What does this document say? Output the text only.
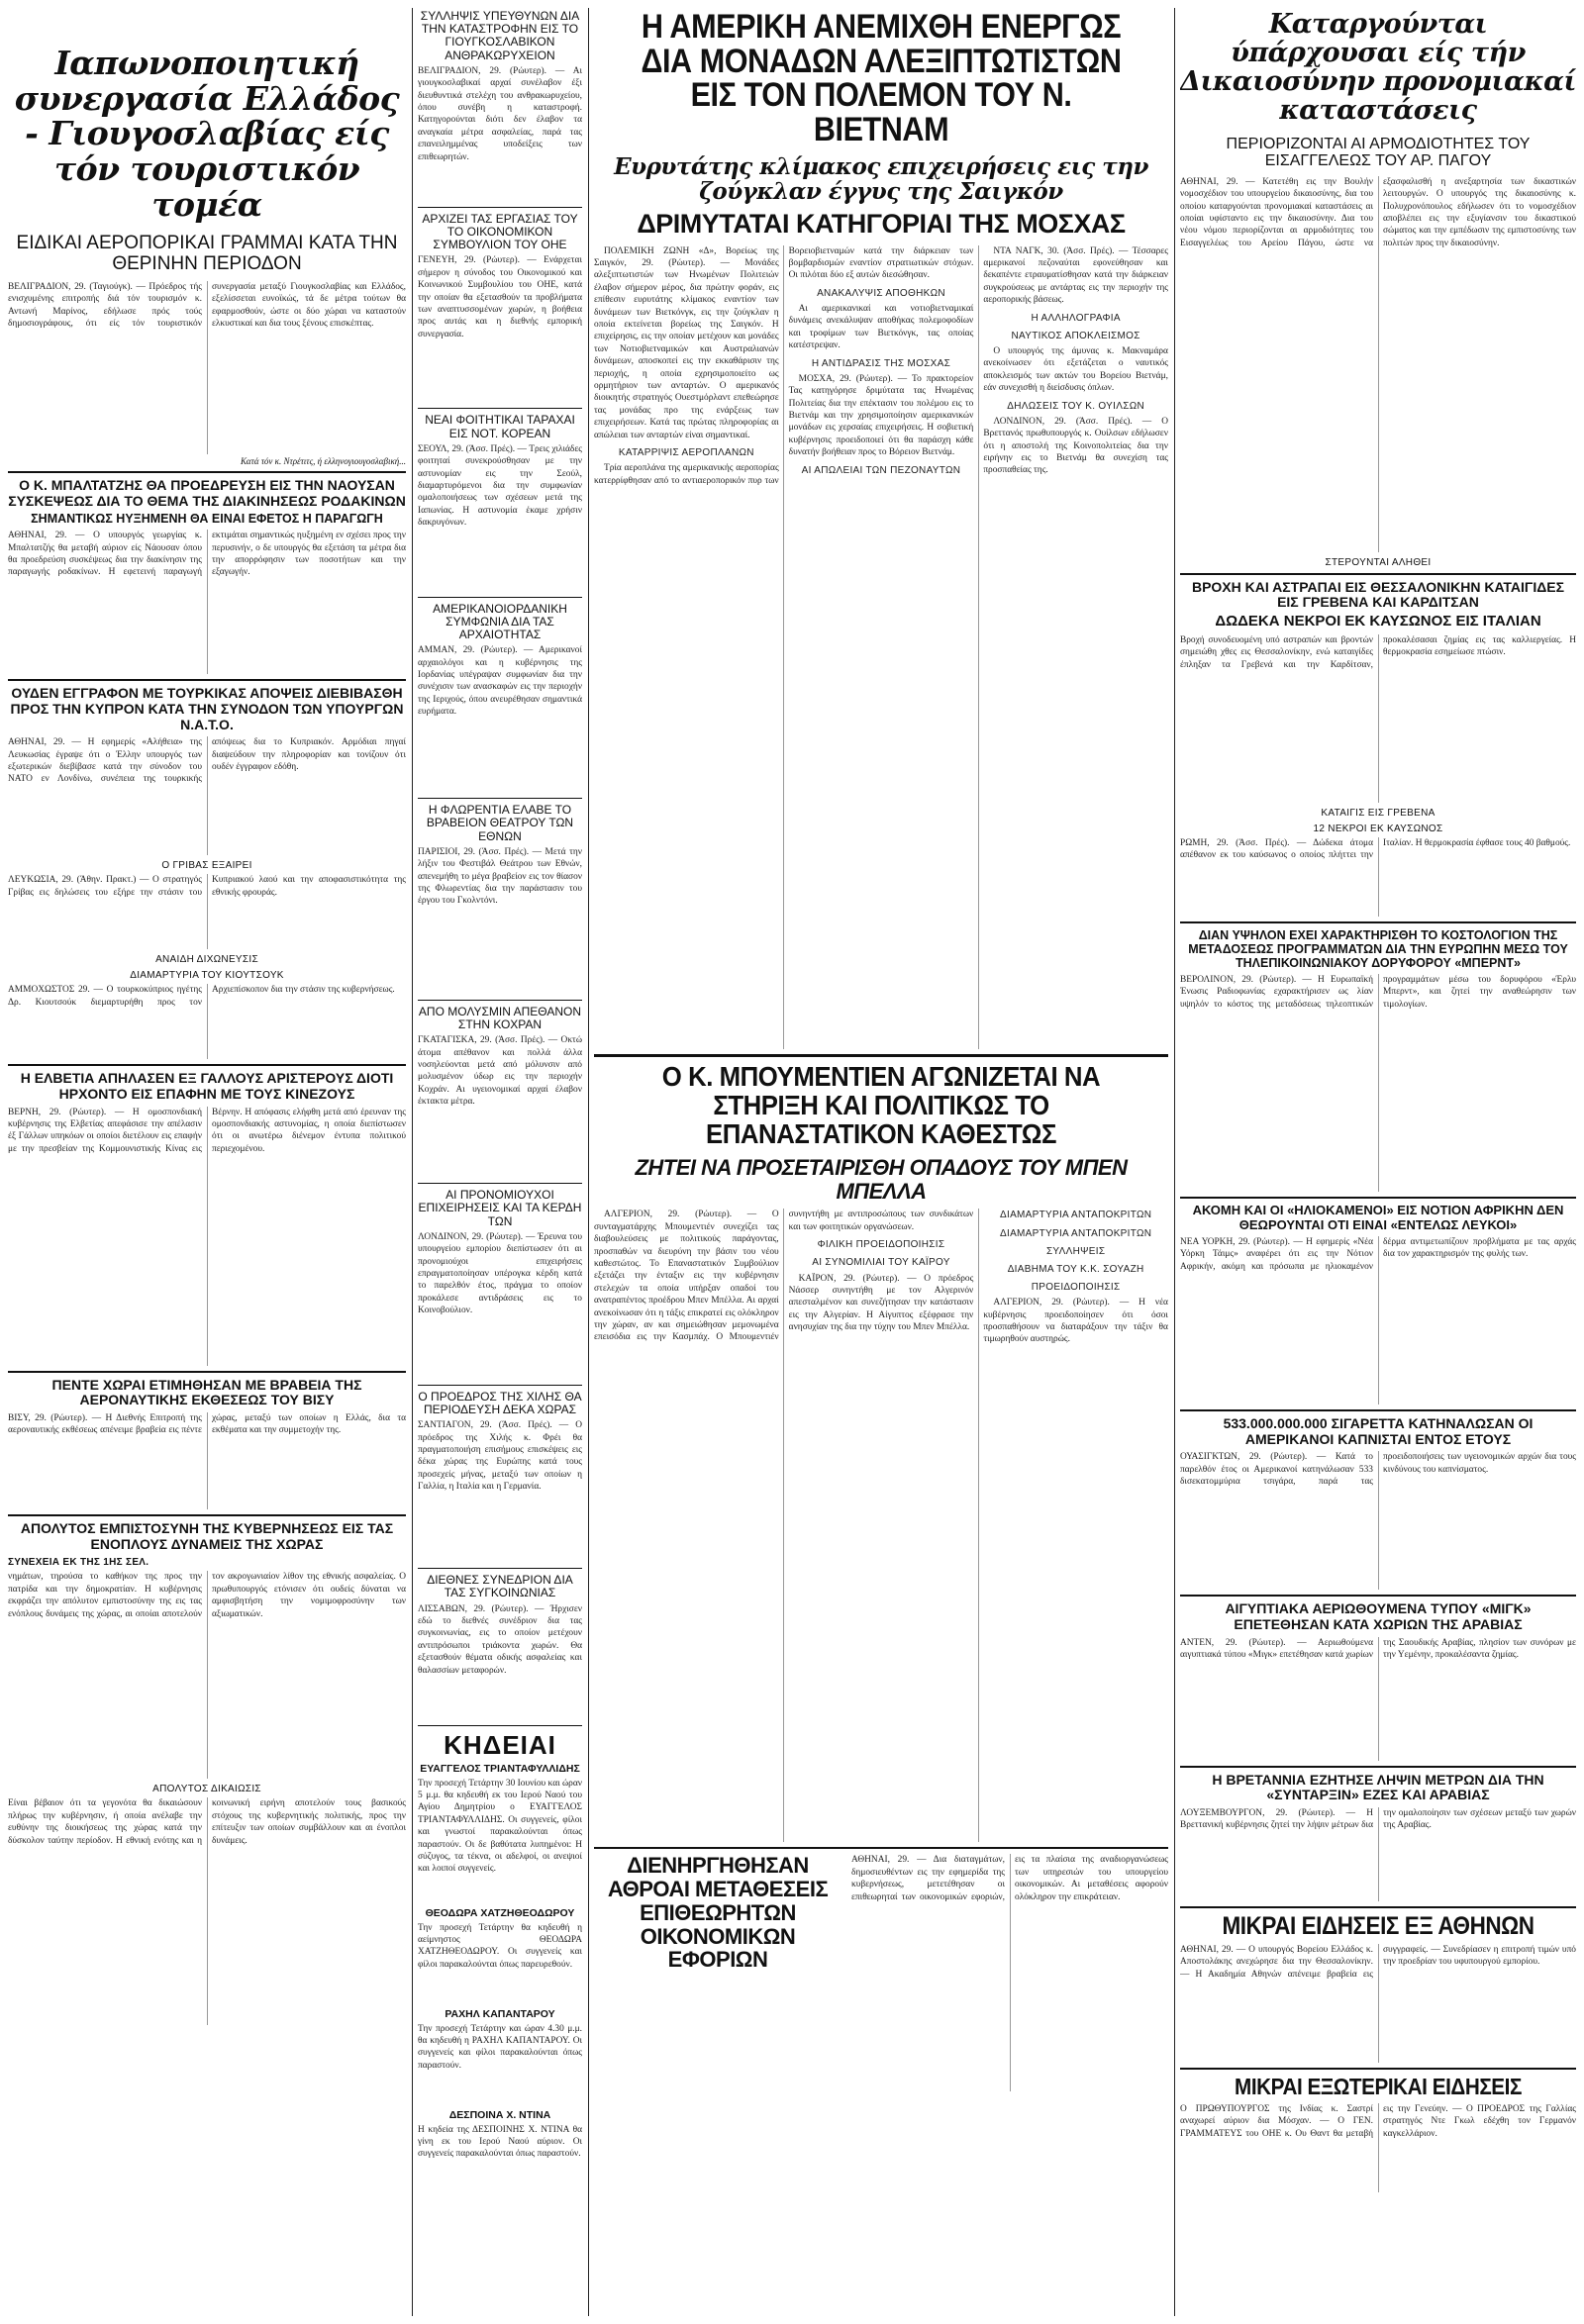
Ιαπωνοποιητική συνεργασία Ελλάδος - Γιουγοσλαβίας είς τόν τουριστικόν τομέα
ΕΙΔΙΚΑΙ ΑΕΡΟΠΟΡΙΚΑΙ ΓΡΑΜΜΑΙ ΚΑΤΑ ΤΗΝ ΘΕΡΙΝΗΝ ΠΕΡΙΟΔΟΝ
ΒΕΛΙΓΡΑΔΙΟΝ, 29. (Ταγιούγκ). — Πρόεδρος τής ενισχυμένης επιτροπής διά τόν τουρισμόν κ. Αντωνή Μαρίνος, εδήλωσε πρός τούς δημοσιογράφους, ότι είς τόν τουριστικόν συνεργασία μεταξύ Γιουγκοσλαβίας και Ελλάδος, εξελίσσεται ευνοϊκώς, τά δε μέτρα τούτων θα εφαρμοσθούν, ώστε οι δύο χώραι να καταστούν ελκυστικαί και δια τους ξένους επισκέπτας.
Κατά τόν κ. Ντρέτιτς, ή ελληνογιουγοσλαβική...
Ο Κ. ΜΠΑΛΤΑΤΖΗΣ ΘΑ ΠΡΟΕΔΡΕΥΣΗ ΕΙΣ ΤΗΝ ΝΑΟΥΣΑΝ ΣΥΣΚΕΨΕΩΣ ΔΙΑ ΤΟ ΘΕΜΑ ΤΗΣ ΔΙΑΚΙΝΗΣΕΩΣ ΡΟΔΑΚΙΝΩΝ
ΣΗΜΑΝΤΙΚΩΣ ΗΥΞΗΜΕΝΗ ΘΑ ΕΙΝΑΙ ΕΦΕΤΟΣ Η ΠΑΡΑΓΩΓΗ
ΑΘΗΝΑΙ, 29. — Ο υπουργός γεωργίας κ. Μπαλτατζής θα μεταβή αύριον είς Νάουσαν όπου θα προεδρεύση συσκέψεως δια την διακίνησιν της παραγωγής ροδακίνων. Η εφετεινή παραγωγή εκτιμάται σημαντικώς ηυξημένη εν σχέσει προς την περυσινήν, ο δε υπουργός θα εξετάση τα μέτρα δια την απορρόφησιν των ποσοτήτων και την εξαγωγήν.
ΟΥΔΕΝ ΕΓΓΡΑΦΟΝ ΜΕ ΤΟΥΡΚΙΚΑΣ ΑΠΟΨΕΙΣ ΔΙΕΒΙΒΑΣΘΗ ΠΡΟΣ ΤΗΝ ΚΥΠΡΟΝ ΚΑΤΑ ΤΗΝ ΣΥΝΟΔΟΝ ΤΩΝ ΥΠΟΥΡΓΩΝ Ν.Α.Τ.Ο.
ΑΘΗΝΑΙ, 29. — Η εφημερίς «Αλήθεια» της Λευκωσίας έγραψε ότι ο Έλλην υπουργός των εξωτερικών διεβίβασε κατά την σύνοδον του ΝΑΤΟ εν Λονδίνω, συνέπεια της τουρκικής απόψεως δια το Κυπριακόν. Αρμόδιαι πηγαί διαψεύδουν την πληροφορίαν και τονίζουν ότι ουδέν έγγραφον εδόθη.
Ο ΓΡΙΒΑΣ ΕΞΑΙΡΕΙ
ΛΕΥΚΩΣΙΑ, 29. (Άθην. Πρακτ.) — Ο στρατηγός Γρίβας εις δηλώσεις του εξήρε την στάσιν του Κυπριακού λαού και την αποφασιστικότητα της εθνικής φρουράς.
ΑΝΑΙΔΗ ΔΙΧΩΝΕΥΣΙΣ
ΔΙΑΜΑΡΤΥΡΙΑ ΤΟΥ ΚΙΟΥΤΣΟΥΚ
ΑΜΜΟΧΩΣΤΟΣ 29. — Ο τουρκοκύπριος ηγέτης Δρ. Κιουτσούκ διεμαρτυρήθη προς τον Αρχιεπίσκοπον δια την στάσιν της κυβερνήσεως.
Η ΕΛΒΕΤΙΑ ΑΠΗΛΑΣΕΝ ΕΞ ΓΑΛΛΟΥΣ ΑΡΙΣΤΕΡΟΥΣ ΔΙΟΤΙ ΗΡΧΟΝΤΟ ΕΙΣ ΕΠΑΦΗΝ ΜΕ ΤΟΥΣ ΚΙΝΕΖΟΥΣ
ΒΕΡΝΗ, 29. (Ρώυτερ). — Η ομοσπονδιακή κυβέρνησις της Ελβετίας απεφάσισε την απέλασιν έξ Γάλλων υπηκόων οι οποίοι διετέλουν εις επαφήν με την πρεσβείαν της Κομμουνιστικής Κίνας εις Βέρνην. Η απόφασις ελήφθη μετά από έρευναν της ομοσπονδιακής αστυνομίας, η οποία διεπίστωσεν ότι οι ανωτέρω διένεμον έντυπα πολιτικού περιεχομένου.
ΠΕΝΤΕ ΧΩΡΑΙ ΕΤΙΜΗΘΗΣΑΝ ΜΕ ΒΡΑΒΕΙΑ ΤΗΣ ΑΕΡΟΝΑΥΤΙΚΗΣ ΕΚΘΕΣΕΩΣ ΤΟΥ ΒΙΣΥ
ΒΙΣΥ, 29. (Ρώυτερ). — Η Διεθνής Επιτροπή της αεροναυτικής εκθέσεως απένειμε βραβεία εις πέντε χώρας, μεταξύ των οποίων η Ελλάς, δια τα εκθέματα και την συμμετοχήν της.
ΑΠΟΛΥΤΟΣ ΕΜΠΙΣΤΟΣΥΝΗ ΤΗΣ ΚΥΒΕΡΝΗΣΕΩΣ ΕΙΣ ΤΑΣ ΕΝΟΠΛΟΥΣ ΔΥΝΑΜΕΙΣ ΤΗΣ ΧΩΡΑΣ
ΣΥΝΕΧΕΙΑ ΕΚ ΤΗΣ 1ΗΣ ΣΕΛ.
νημάτων, τηρούσα το καθήκον της προς την πατρίδα και την δημοκρατίαν. Η κυβέρνησις εκφράζει την απόλυτον εμπιστοσύνην της εις τας ενόπλους δυνάμεις της χώρας, αι οποίαι αποτελούν τον ακρογωνιαίον λίθον της εθνικής ασφαλείας. Ο πρωθυπουργός ετόνισεν ότι ουδείς δύναται να αμφισβητήση την νομιμοφροσύνην των αξιωματικών.
ΑΠΟΛΥΤΟΣ ΔΙΚΑΙΩΣΙΣ
Είναι βέβαιον ότι τα γεγονότα θα δικαιώσουν πλήρως την κυβέρνησιν, ή οποία ανέλαβε την ευθύνην της διοικήσεως της χώρας κατά την δύσκολον ταύτην περίοδον. Η εθνική ενότης και η κοινωνική ειρήνη αποτελούν τους βασικούς στόχους της κυβερνητικής πολιτικής, προς την επίτευξιν των οποίων συμβάλλουν και αι ένοπλοι δυνάμεις.
ΣΥΛΛΗΨΙΣ ΥΠΕΥΘΥΝΩΝ ΔΙΑ ΤΗΝ ΚΑΤΑΣΤΡΟΦΗΝ ΕΙΣ ΤΟ ΓΙΟΥΓΚΟΣΛΑΒΙΚΟΝ ΑΝΘΡΑΚΩΡΥΧΕΙΟΝ
ΒΕΛΙΓΡΑΔΙΟΝ, 29. (Ρώυτερ). — Αι γιουγκοσλαβικαί αρχαί συνέλαβον έξι διευθυντικά στελέχη του ανθρακωρυχείου, όπου συνέβη η καταστροφή. Κατηγορούνται διότι δεν έλαβον τα αναγκαία μέτρα ασφαλείας, παρά τας επανειλημμένας υποδείξεις των επιθεωρητών.
ΑΡΧΙΖΕΙ ΤΑΣ ΕΡΓΑΣΙΑΣ ΤΟΥ ΤΟ ΟΙΚΟΝΟΜΙΚΟΝ ΣΥΜΒΟΥΛΙΟΝ ΤΟΥ ΟΗΕ
ΓΕΝΕΥΗ, 29. (Ρώυτερ). — Ενάρχεται σήμερον η σύνοδος του Οικονομικού και Κοινωνικού Συμβουλίου του ΟΗΕ, κατά την οποίαν θα εξετασθούν τα προβλήματα των αναπτυσσομένων χωρών, η βοήθεια προς αυτάς και η διεθνής εμπορική συνεργασία.
ΝΕΑΙ ΦΟΙΤΗΤΙΚΑΙ ΤΑΡΑΧΑΙ ΕΙΣ ΝΟΤ. ΚΟΡΕΑΝ
ΣΕΟΥΛ, 29. (Άσσ. Πρές). — Τρεις χιλιάδες φοιτηταί συνεκρούσθησαν με την αστυνομίαν εις την Σεούλ, διαμαρτυρόμενοι δια την συμφωνίαν ομαλοποιήσεως των σχέσεων μετά της Ιαπωνίας. Η αστυνομία έκαμε χρήσιν δακρυγόνων.
ΑΜΕΡΙΚΑΝΟΙΟΡΔΑΝΙΚΗ ΣΥΜΦΩΝΙΑ ΔΙΑ ΤΑΣ ΑΡΧΑΙΟΤΗΤΑΣ
ΑΜΜΑΝ, 29. (Ρώυτερ). — Αμερικανοί αρχαιολόγοι και η κυβέρνησις της Ιορδανίας υπέγραψαν συμφωνίαν δια την συνέχισιν των ανασκαφών εις την περιοχήν της Ιεριχούς, όπου ανευρέθησαν σημαντικά ευρήματα.
Η ΦΛΩΡΕΝΤΙΑ ΕΛΑΒΕ ΤΟ ΒΡΑΒΕΙΟΝ ΘΕΑΤΡΟΥ ΤΩΝ ΕΘΝΩΝ
ΠΑΡΙΣΙΟΙ, 29. (Άσσ. Πρές). — Μετά την λήξιν του Φεστιβάλ Θεάτρου των Εθνών, απενεμήθη το μέγα βραβείον εις τον θίασον της Φλωρεντίας δια την παράστασιν του έργου του Γκολντόνι.
ΑΠΟ ΜΟΛΥΣΜΙΝ ΑΠΕΘΑΝΟΝ ΣΤΗΝ ΚΟΧΡΑΝ
ΓΚΑΤΑΓΙΣΚΑ, 29. (Άσσ. Πρές). — Οκτώ άτομα απέθανον και πολλά άλλα νοσηλεύονται μετά από μόλυνσιν από μολυσμένον ύδωρ εις την περιοχήν Κοχράν. Αι υγειονομικαί αρχαί έλαβον έκτακτα μέτρα.
ΑΙ ΠΡΟΝΟΜΙΟΥΧΟΙ ΕΠΙΧΕΙΡΗΣΕΙΣ ΚΑΙ ΤΑ ΚΕΡΔΗ ΤΩΝ
ΛΟΝΔΙΝΟΝ, 29. (Ρώυτερ). — Έρευνα του υπουργείου εμπορίου διεπίστωσεν ότι αι προνομιούχοι επιχειρήσεις επραγματοποίησαν υπέρογκα κέρδη κατά το παρελθόν έτος, πράγμα το οποίον προκάλεσε αντιδράσεις εις το Κοινοβούλιον.
Ο ΠΡΟΕΔΡΟΣ ΤΗΣ ΧΙΛΗΣ ΘΑ ΠΕΡΙΟΔΕΥΣΗ ΔΕΚΑ ΧΩΡΑΣ
ΣΑΝΤΙΑΓΟΝ, 29. (Άσσ. Πρές). — Ο πρόεδρος της Χιλής κ. Φρέι θα πραγματοποιήση επισήμους επισκέψεις εις δέκα χώρας της Ευρώπης κατά τους προσεχείς μήνας, μεταξύ των οποίων η Γαλλία, η Ιταλία και η Γερμανία.
ΔΙΕΘΝΕΣ ΣΥΝΕΔΡΙΟΝ ΔΙΑ ΤΑΣ ΣΥΓΚΟΙΝΩΝΙΑΣ
ΛΙΣΣΑΒΩΝ, 29. (Ρώυτερ). — Ήρχισεν εδώ το διεθνές συνέδριον δια τας συγκοινωνίας, εις το οποίον μετέχουν αντιπρόσωποι τριάκοντα χωρών. Θα εξετασθούν θέματα οδικής ασφαλείας και θαλασσίων μεταφορών.
ΚΗΔΕΙΑΙ
ΕΥΑΓΓΕΛΟΣ ΤΡΙΑΝΤΑΦΥΛΛΙΔΗΣ
Την προσεχή Τετάρτην 30 Ιουνίου και ώραν 5 μ.μ. θα κηδευθή εκ του Ιερού Ναού του Αγίου Δημητρίου ο ΕΥΑΓΓΕΛΟΣ ΤΡΙΑΝΤΑΦΥΛΛΙΔΗΣ. Οι συγγενείς, φίλοι και γνωστοί παρακαλούνται όπως παραστούν. Οι δε βαθύτατα λυπημένοι: Η σύζυγος, τα τέκνα, οι αδελφοί, οι ανεψιοί και λοιποί συγγενείς.
ΘΕΟΔΩΡΑ ΧΑΤΖΗΘΕΟΔΩΡΟΥ
Την προσεχή Τετάρτην θα κηδευθή η αείμνηστος ΘΕΟΔΩΡΑ ΧΑΤΖΗΘΕΟΔΩΡΟΥ. Οι συγγενείς και φίλοι παρακαλούνται όπως παρευρεθούν.
ΡΑΧΗΛ ΚΑΠΑΝΤΑΡΟΥ
Την προσεχή Τετάρτην και ώραν 4.30 μ.μ. θα κηδευθή η ΡΑΧΗΛ ΚΑΠΑΝΤΑΡΟΥ. Οι συγγενείς και φίλοι παρακαλούνται όπως παραστούν.
ΔΕΣΠΟΙΝΑ Χ. ΝΤΙΝΑ
Η κηδεία της ΔΕΣΠΟΙΝΗΣ Χ. ΝΤΙΝΑ θα γίνη εκ του Ιερού Ναού αύριον. Οι συγγενείς παρακαλούνται όπως παραστούν.
Η ΑΜΕΡΙΚΗ ΑΝΕΜΙΧΘΗ ΕΝΕΡΓΩΣ ΔΙΑ ΜΟΝΑΔΩΝ ΑΛΕΞΙΠΤΩΤΙΣΤΩΝ ΕΙΣ ΤΟΝ ΠΟΛΕΜΟΝ ΤΟΥ Ν. ΒΙΕΤΝΑΜ
Ευρυτάτης κλίμακος επιχειρήσεις εις την ζούγκλαν έγγυς της Σαιγκόν
ΔΡΙΜΥΤΑΤΑΙ ΚΑΤΗΓΟΡΙΑΙ ΤΗΣ ΜΟΣΧΑΣ

ΠΟΛΕΜΙΚΗ ΖΩΝΗ «Δ», Βορείως της Σαιγκόν, 29. (Ρώυτερ). — Μονάδες αλεξιπτωτιστών των Ηνωμένων Πολιτειών έλαβον σήμερον μέρος, δια πρώτην φοράν, εις επίθεσιν ευρυτάτης κλίμακος εναντίον των δυνάμεων των Βιετκόνγκ, εις την ζούγκλαν η οποία εκτείνεται βορείως της Σαιγκόν. Η επιχείρησις, εις την οποίαν μετέχουν και μονάδες των Νοτιοβιετναμικών και Αυστραλιανών δυνάμεων, αποσκοπεί εις την εκκαθάρισιν της περιοχής, η οποία εχρησιμοποιείτο ως ορμητήριον των ανταρτών. Ο αμερικανός διοικητής στρατηγός Ουεστμόρλαντ επεθεώρησε τας μονάδας προ της ενάρξεως των επιχειρήσεων. Κατά τας πρώτας πληροφορίας αι απώλειαι των ανταρτών είναι σημαντικαί.

ΚΑΤΑΡΡΙΨΙΣ ΑΕΡΟΠΛΑΝΩΝ

Τρία αεροπλάνα της αμερικανικής αεροπορίας κατερρίφθησαν από το αντιαεροπορικόν πυρ των Βορειοβιετναμών κατά την διάρκειαν των βομβαρδισμών εναντίον στρατιωτικών στόχων. Οι πιλόται δύο εξ αυτών διεσώθησαν.

ΑΝΑΚΑΛΥΨΙΣ ΑΠΟΘΗΚΩΝ

Αι αμερικανικαί και νοτιοβιετναμικαί δυνάμεις ανεκάλυψαν αποθήκας πολεμοφοδίων και τροφίμων των Βιετκόνγκ, τας οποίας κατέστρεψαν.

Η ΑΝΤΙΔΡΑΣΙΣ ΤΗΣ ΜΟΣΧΑΣ

ΜΟΣΧΑ, 29. (Ρώυτερ). — Το πρακτορείον Τας κατηγόρησε δριμύτατα τας Ηνωμένας Πολιτείας δια την επέκτασιν του πολέμου εις το Βιετνάμ και την χρησιμοποίησιν αμερικανικών μονάδων εις χερσαίας επιχειρήσεις. Η σοβιετική κυβέρνησις προειδοποιεί ότι θα παράσχη κάθε δυνατήν βοήθειαν προς το Βόρειον Βιετνάμ.

ΑΙ ΑΠΩΛΕΙΑΙ ΤΩΝ ΠΕΖΟΝΑΥΤΩΝ

ΝΤΑ ΝΑΓΚ, 30. (Άσσ. Πρές). — Τέσσαρες αμερικανοί πεζοναύται εφονεύθησαν και δεκαπέντε ετραυματίσθησαν κατά την διάρκειαν συγκρούσεως με αντάρτας εις την περιοχήν της αεροπορικής βάσεως.

Η ΑΛΛΗΛΟΓΡΑΦΙΑ
ΝΑΥΤΙΚΟΣ ΑΠΟΚΛΕΙΣΜΟΣ

Ο υπουργός της άμυνας κ. Μακναμάρα ανεκοίνωσεν ότι εξετάζεται ο ναυτικός αποκλεισμός των ακτών του Βορείου Βιετνάμ, εάν συνεχισθή η διείσδυσις όπλων.

ΔΗΛΩΣΕΙΣ ΤΟΥ Κ. ΟΥΙΛΣΩΝ

ΛΟΝΔΙΝΟΝ, 29. (Άσσ. Πρές). — Ο Βρεττανός πρωθυπουργός κ. Ουίλσων εδήλωσεν ότι η αποστολή της Κοινοπολιτείας δια την ειρήνην εις το Βιετνάμ θα συνεχίση τας προσπαθείας της.

Ο Κ. ΜΠΟΥΜΕΝΤΙΕΝ ΑΓΩΝΙΖΕΤΑΙ ΝΑ ΣΤΗΡΙΞΗ ΚΑΙ ΠΟΛΙΤΙΚΩΣ ΤΟ ΕΠΑΝΑΣΤΑΤΙΚΟΝ ΚΑΘΕΣΤΩΣ
ΖΗΤΕΙ ΝΑ ΠΡΟΣΕΤΑΙΡΙΣΘΗ ΟΠΑΔΟΥΣ ΤΟΥ ΜΠΕΝ ΜΠΕΛΛΑ

ΑΛΓΕΡΙΟΝ, 29. (Ρώυτερ). — Ο συνταγματάρχης Μπουμεντιέν συνεχίζει τας διαβουλεύσεις με πολιτικούς παράγοντας, προσπαθών να διευρύνη την βάσιν του νέου καθεστώτος. Το Επαναστατικόν Συμβούλιον εξετάζει την ένταξιν εις την κυβέρνησιν στελεχών τα οποία υπήρξαν οπαδοί του ανατραπέντος προέδρου Μπεν Μπέλλα. Αι αρχαί ανεκοίνωσαν ότι η τάξις επικρατεί εις ολόκληρον την χώραν, αν και σημειώθησαν μεμονωμένα επεισόδια εις την Κασμπάχ. Ο Μπουμεντιέν συνηντήθη με αντιπροσώπους των συνδικάτων και των φοιτητικών οργανώσεων.

ΦΙΛΙΚΗ ΠΡΟΕΙΔΟΠΟΙΗΣΙΣ
ΑΙ ΣΥΝΟΜΙΛΙΑΙ ΤΟΥ ΚΑΪΡΟΥ

ΚΑΪΡΟΝ, 29. (Ρώυτερ). — Ο πρόεδρος Νάσσερ συνηντήθη με τον Αλγερινόν απεσταλμένον και συνεζήτησαν την κατάστασιν εις την Αλγερίαν. Η Αίγυπτος εξέφρασε την ανησυχίαν της δια την τύχην του Μπεν Μπέλλα.

ΔΙΑΜΑΡΤΥΡΙΑ ΑΝΤΑΠΟΚΡΙΤΩΝ
ΔΙΑΜΑΡΤΥΡΙΑ ΑΝΤΑΠΟΚΡΙΤΩΝ
ΣΥΛΛΗΨΕΙΣ
ΔΙΑΒΗΜΑ ΤΟΥ Κ.Κ. ΣΟΥΑΖΗ
ΠΡΟΕΙΔΟΠΟΙΗΣΙΣ

ΑΛΓΕΡΙΟΝ, 29. (Ρώυτερ). — Η νέα κυβέρνησις προειδοποίησεν ότι όσοι προσπαθήσουν να διαταράξουν την τάξιν θα τιμωρηθούν αυστηρώς.

ΔΙΕΝΗΡΓΗΘΗΣΑΝ ΑΘΡΟΑΙ ΜΕΤΑΘΕΣΕΙΣ ΕΠΙΘΕΩΡΗΤΩΝ ΟΙΚΟΝΟΜΙΚΩΝ ΕΦΟΡΙΩΝ
ΑΘΗΝΑΙ, 29. — Δια διαταγμάτων, δημοσιευθέντων εις την εφημερίδα της κυβερνήσεως, μετετέθησαν οι επιθεωρηταί των οικονομικών εφοριών, εις τα πλαίσια της αναδιοργανώσεως των υπηρεσιών του υπουργείου οικονομικών. Αι μεταθέσεις αφορούν ολόκληρον την επικράτειαν.
Καταργούνται ύπάρχουσαι είς τήν Δικαιοσύνην προνομιακαί καταστάσεις
ΠΕΡΙΟΡΙΖΟΝΤΑΙ ΑΙ ΑΡΜΟΔΙΟΤΗΤΕΣ ΤΟΥ ΕΙΣΑΓΓΕΛΕΩΣ ΤΟΥ ΑΡ. ΠΑΓΟΥ
ΑΘΗΝΑΙ, 29. — Κατετέθη εις την Βουλήν νομοσχέδιον του υπουργείου δικαιοσύνης, δια του οποίου καταργούνται προνομιακαί καταστάσεις αι οποίαι υφίσταντο εις την δικαιοσύνην. Δια του νέου νόμου περιορίζονται αι αρμοδιότητες του Εισαγγελέως του Αρείου Πάγου, ώστε να εξασφαλισθή η ανεξαρτησία των δικαστικών λειτουργών. Ο υπουργός της δικαιοσύνης κ. Πολυχρονόπουλος εδήλωσεν ότι το νομοσχέδιον αποβλέπει εις την εξυγίανσιν του δικαστικού σώματος και την εμπέδωσιν της εμπιστοσύνης των πολιτών προς την δικαιοσύνην.
ΣΤΕΡΟΥΝΤΑΙ ΑΛΗΘΕΙ
ΒΡΟΧΗ ΚΑΙ ΑΣΤΡΑΠΑΙ ΕΙΣ ΘΕΣΣΑΛΟΝΙΚΗΝ ΚΑΤΑΙΓΙΔΕΣ ΕΙΣ ΓΡΕΒΕΝΑ ΚΑΙ ΚΑΡΔΙΤΣΑΝ
ΔΩΔΕΚΑ ΝΕΚΡΟΙ ΕΚ ΚΑΥΣΩΝΟΣ ΕΙΣ ΙΤΑΛΙΑΝ
Βροχή συνοδευομένη υπό αστραπών και βροντών σημειώθη χθες εις Θεσσαλονίκην, ενώ καταιγίδες έπληξαν τα Γρεβενά και την Καρδίτσαν, προκαλέσασαι ζημίας εις τας καλλιεργείας. Η θερμοκρασία εσημείωσε πτώσιν.
ΚΑΤΑΙΓΙΣ ΕΙΣ ΓΡΕΒΕΝΑ
12 ΝΕΚΡΟΙ ΕΚ ΚΑΥΣΩΝΟΣ
ΡΩΜΗ, 29. (Άσσ. Πρές). — Δώδεκα άτομα απέθανον εκ του καύσωνος ο οποίος πλήττει την Ιταλίαν. Η θερμοκρασία έφθασε τους 40 βαθμούς.
ΔΙΑΝ ΥΨΗΛΟΝ ΕΧΕΙ ΧΑΡΑΚΤΗΡΙΣΘΗ ΤΟ ΚΟΣΤΟΛΟΓΙΟΝ ΤΗΣ ΜΕΤΑΔΟΣΕΩΣ ΠΡΟΓΡΑΜΜΑΤΩΝ ΔΙΑ ΤΗΝ ΕΥΡΩΠΗΝ ΜΕΣΩ ΤΟΥ ΤΗΛΕΠΙΚΟΙΝΩΝΙΑΚΟΥ ΔΟΡΥΦΟΡΟΥ «ΜΠΕΡΝΤ»
ΒΕΡΟΛΙΝΟΝ, 29. (Ρώυτερ). — Η Ευρωπαϊκή Ένωσις Ραδιοφωνίας εχαρακτήρισεν ως λίαν υψηλόν το κόστος της μεταδόσεως τηλεοπτικών προγραμμάτων μέσω του δορυφόρου «Έρλυ Μπερντ», και ζητεί την αναθεώρησιν των τιμολογίων.
ΑΚΟΜΗ ΚΑΙ ΟΙ «ΗΛΙΟΚΑΜΕΝΟΙ» ΕΙΣ ΝΟΤΙΟΝ ΑΦΡΙΚΗΝ ΔΕΝ ΘΕΩΡΟΥΝΤΑΙ ΟΤΙ ΕΙΝΑΙ «ΕΝΤΕΛΩΣ ΛΕΥΚΟΙ»
ΝΕΑ ΥΟΡΚΗ, 29. (Ρώυτερ). — Η εφημερίς «Νέα Υόρκη Τάιμς» αναφέρει ότι εις την Νότιον Αφρικήν, ακόμη και πρόσωπα με ηλιοκαμένον δέρμα αντιμετωπίζουν προβλήματα με τας αρχάς δια τον χαρακτηρισμόν της φυλής των.
533.000.000.000 ΣΙΓΑΡΕΤΤΑ ΚΑΤΗΝΑΛΩΣΑΝ ΟΙ ΑΜΕΡΙΚΑΝΟΙ ΚΑΠΝΙΣΤΑΙ ΕΝΤΟΣ ΕΤΟΥΣ
ΟΥΑΣΙΓΚΤΩΝ, 29. (Ρώυτερ). — Κατά το παρελθόν έτος οι Αμερικανοί κατηνάλωσαν 533 δισεκατομμύρια τσιγάρα, παρά τας προειδοποιήσεις των υγειονομικών αρχών δια τους κινδύνους του καπνίσματος.
ΑΙΓΥΠΤΙΑΚΑ ΑΕΡΙΩΘΟΥΜΕΝΑ ΤΥΠΟΥ «ΜΙΓΚ» ΕΠΕΤΕΘΗΣΑΝ ΚΑΤΑ ΧΩΡΙΩΝ ΤΗΣ ΑΡΑΒΙΑΣ
ΑΝΤΕΝ, 29. (Ρώυτερ). — Αεριωθούμενα αιγυπτιακά τύπου «Μιγκ» επετέθησαν κατά χωρίων της Σαουδικής Αραβίας, πλησίον των συνόρων με την Υεμένην, προκαλέσαντα ζημίας.
Η ΒΡΕΤΑΝΝΙΑ ΕΖΗΤΗΣΕ ΛΗΨΙΝ ΜΕΤΡΩΝ ΔΙΑ ΤΗΝ «ΣΥΝΤΑΡΞΙΝ» ΕΖΕΣ ΚΑΙ ΑΡΑΒΙΑΣ
ΛΟΥΞΕΜΒΟΥΡΓΟΝ, 29. (Ρώυτερ). — Η Βρεττανική κυβέρνησις ζητεί την λήψιν μέτρων δια την ομαλοποίησιν των σχέσεων μεταξύ των χωρών της Αραβίας.
ΜΙΚΡΑΙ ΕΙΔΗΣΕΙΣ ΕΞ ΑΘΗΝΩΝ
ΑΘΗΝΑΙ, 29. — Ο υπουργός Βορείου Ελλάδος κ. Αποστολάκης ανεχώρησε δια την Θεσσαλονίκην. — Η Ακαδημία Αθηνών απένειμε βραβεία εις συγγραφείς. — Συνεδρίασεν η επιτροπή τιμών υπό την προεδρίαν του υφυπουργού εμπορίου.
ΜΙΚΡΑΙ ΕΞΩΤΕΡΙΚΑΙ ΕΙΔΗΣΕΙΣ
Ο ΠΡΩΘΥΠΟΥΡΓΟΣ της Ινδίας κ. Σαστρί αναχωρεί αύριον δια Μόσχαν. — Ο ΓΕΝ. ΓΡΑΜΜΑΤΕΥΣ του ΟΗΕ κ. Ου Θαντ θα μεταβή εις την Γενεύην. — Ο ΠΡΟΕΔΡΟΣ της Γαλλίας στρατηγός Ντε Γκωλ εδέχθη τον Γερμανόν καγκελλάριον.
